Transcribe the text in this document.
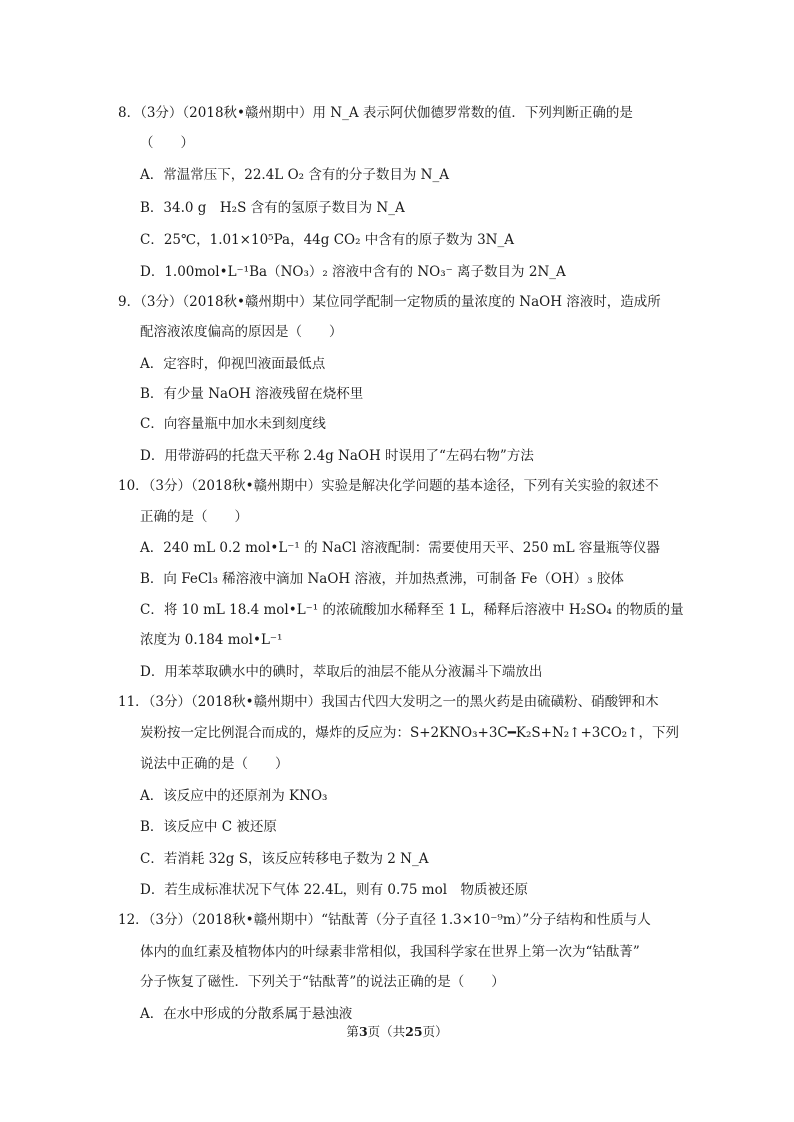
8．（3分）（2018秋•赣州期中）用 N_A 表示阿伏伽德罗常数的值．下列判断正确的是
（　　）
A．常温常压下，22.4L O₂ 含有的分子数目为 N_A
B．34.0 g　H₂S 含有的氢原子数目为 N_A
C．25℃，1.01×10⁵Pa，44g CO₂ 中含有的原子数为 3N_A
D．1.00mol•L⁻¹Ba（NO₃）₂ 溶液中含有的 NO₃⁻ 离子数目为 2N_A
9．（3分）（2018秋•赣州期中）某位同学配制一定物质的量浓度的 NaOH 溶液时，造成所
配溶液浓度偏高的原因是（　　）
A．定容时，仰视凹液面最低点
B．有少量 NaOH 溶液残留在烧杯里
C．向容量瓶中加水未到刻度线
D．用带游码的托盘天平称 2.4g NaOH 时误用了“左码右物”方法
10．（3分）（2018秋•赣州期中）实验是解决化学问题的基本途径，下列有关实验的叙述不
正确的是（　　）
A．240 mL 0.2 mol•L⁻¹ 的 NaCl 溶液配制：需要使用天平、250 mL 容量瓶等仪器
B．向 FeCl₃ 稀溶液中滴加 NaOH 溶液，并加热煮沸，可制备 Fe（OH）₃ 胶体
C．将 10 mL 18.4 mol•L⁻¹ 的浓硫酸加水稀释至 1 L，稀释后溶液中 H₂SO₄ 的物质的量
浓度为 0.184 mol•L⁻¹
D．用苯萃取碘水中的碘时，萃取后的油层不能从分液漏斗下端放出
11．（3分）（2018秋•赣州期中）我国古代四大发明之一的黑火药是由硫磺粉、硝酸钾和木
炭粉按一定比例混合而成的，爆炸的反应为：S+2KNO₃+3C━K₂S+N₂↑+3CO₂↑，下列
说法中正确的是（　　）
A．该反应中的还原剂为 KNO₃
B．该反应中 C 被还原
C．若消耗 32g S，该反应转移电子数为 2 N_A
D．若生成标准状况下气体 22.4L，则有 0.75 mol　物质被还原
12．（3分）（2018秋•赣州期中）“钴酞菁（分子直径 1.3×10⁻⁹m）”分子结构和性质与人
体内的血红素及植物体内的叶绿素非常相似，我国科学家在世界上第一次为“钴酞菁”
分子恢复了磁性．下列关于“钴酞菁”的说法正确的是（　　）
A．在水中形成的分散系属于悬浊液
第3页（共25页）
